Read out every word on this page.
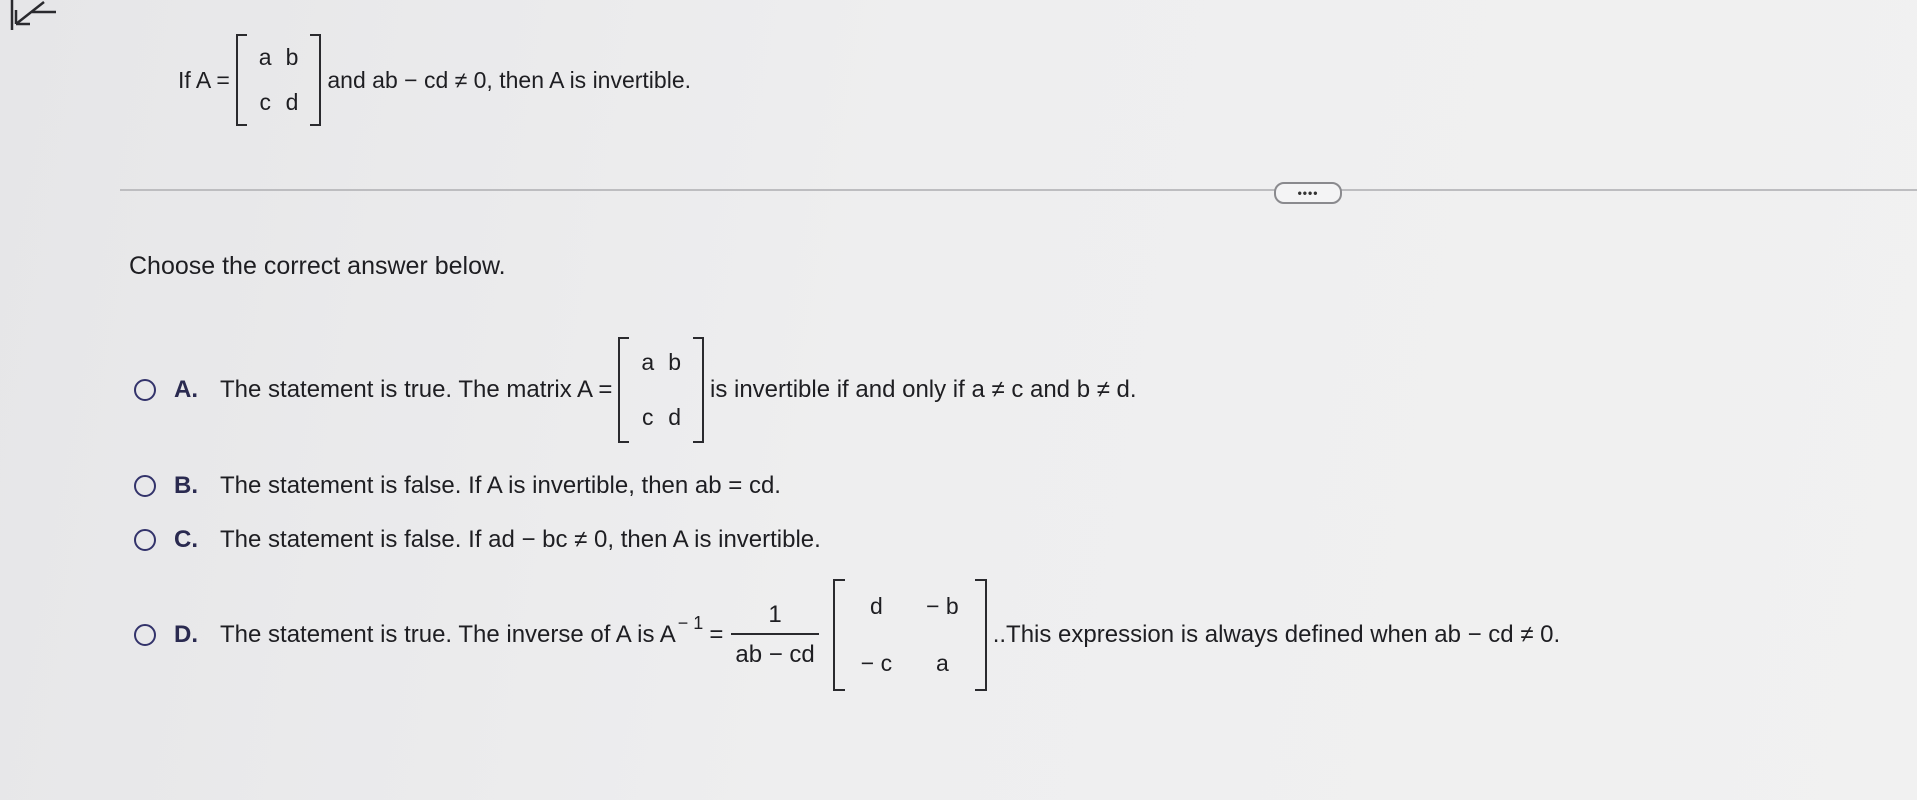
If A =
a b
c d
and ab − cd ≠ 0, then A is invertible.
••••
Choose the correct answer below.
A. The statement is true. The matrix A =
a b
c d
is invertible if and only if a ≠ c and b ≠ d.
B. The statement is false. If A is invertible, then ab = cd.
C. The statement is false. If ad − bc ≠ 0, then A is invertible.
D. The statement is true. The inverse of A is $A - 1 = \frac{1}{ab - cd}$	d	− b
− c	a
..This expression is always defined when ab − cd ≠ 0.
